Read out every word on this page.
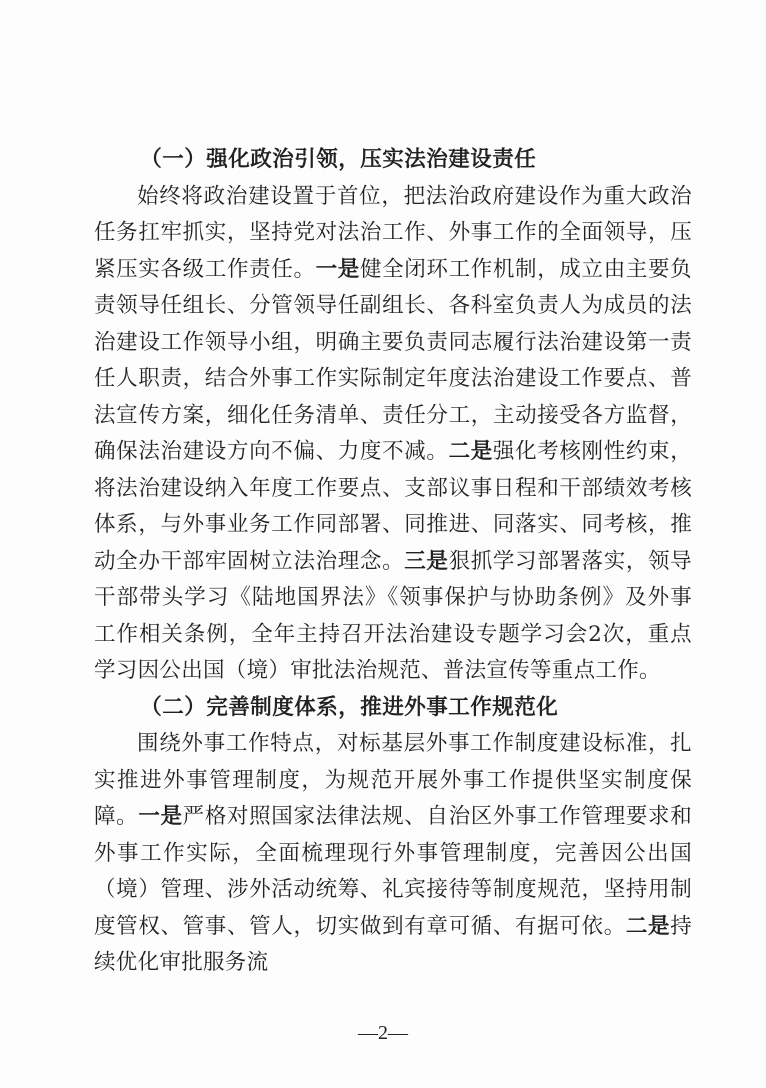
（一）强化政治引领，压实法治建设责任

始终将政治建设置于首位，把法治政府建设作为重大政治任务扛牢抓实，坚持党对法治工作、外事工作的全面领导，压紧压实各级工作责任。一是健全闭环工作机制，成立由主要负责领导任组长、分管领导任副组长、各科室负责人为成员的法治建设工作领导小组，明确主要负责同志履行法治建设第一责任人职责，结合外事工作实际制定年度法治建设工作要点、普法宣传方案，细化任务清单、责任分工，主动接受各方监督，确保法治建设方向不偏、力度不减。二是强化考核刚性约束，将法治建设纳入年度工作要点、支部议事日程和干部绩效考核体系，与外事业务工作同部署、同推进、同落实、同考核，推动全办干部牢固树立法治理念。三是狠抓学习部署落实，领导干部带头学习《陆地国界法》《领事保护与协助条例》及外事工作相关条例，全年主持召开法治建设专题学习会2次，重点学习因公出国（境）审批法治规范、普法宣传等重点工作。

（二）完善制度体系，推进外事工作规范化

围绕外事工作特点，对标基层外事工作制度建设标准，扎实推进外事管理制度，为规范开展外事工作提供坚实制度保障。一是严格对照国家法律法规、自治区外事工作管理要求和外事工作实际，全面梳理现行外事管理制度，完善因公出国（境）管理、涉外活动统筹、礼宾接待等制度规范，坚持用制度管权、管事、管人，切实做到有章可循、有据可依。二是持续优化审批服务流

—2—
